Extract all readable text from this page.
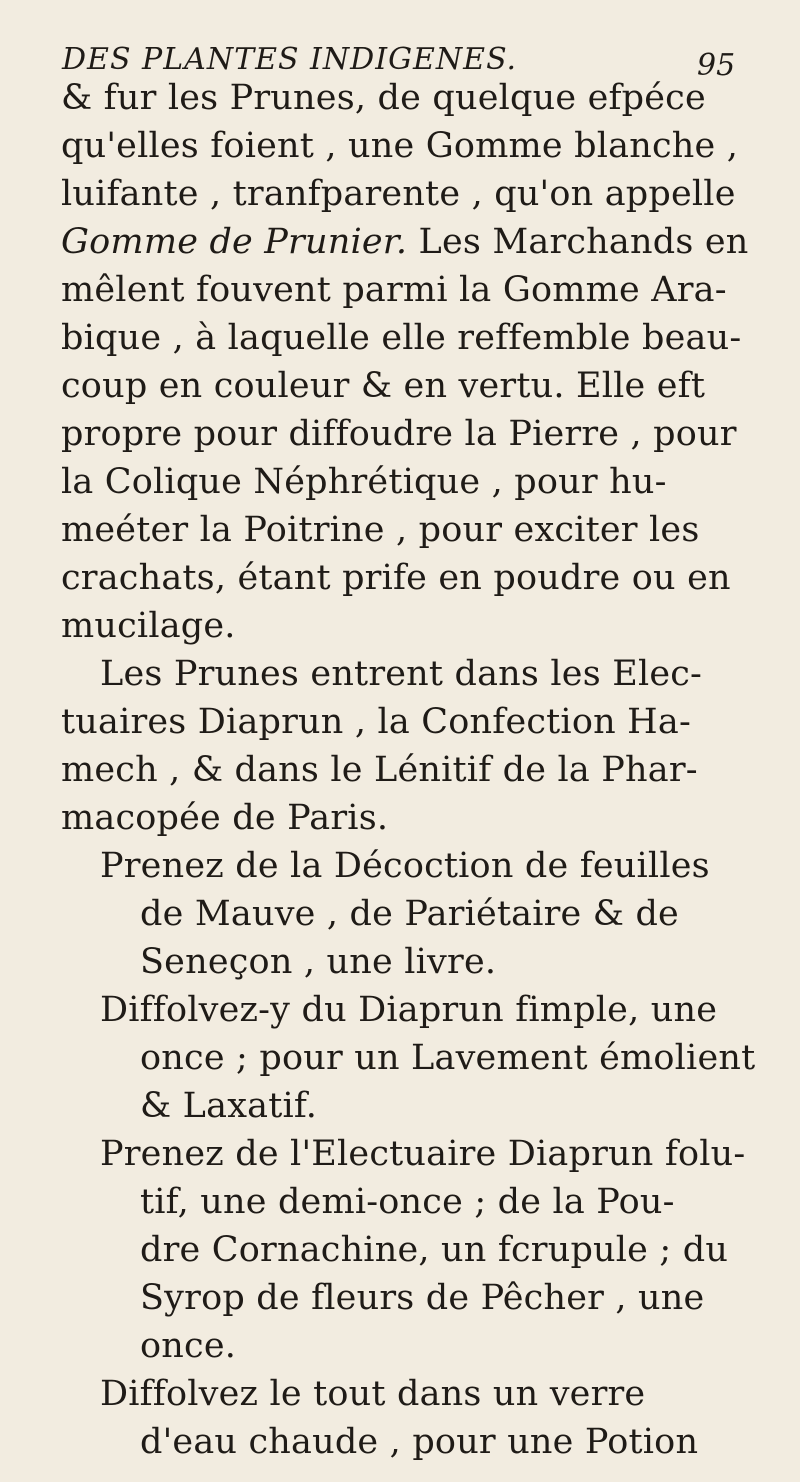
DES PLANTES INDIGENES.	95
& fur les Prunes, de quelque efpéce
qu'elles foient , une Gomme blanche ,
luifante , tranfparente , qu'on appelle
Gomme de Prunier. Les Marchands en
mêlent fouvent parmi la Gomme Ara-
bique , à laquelle elle reffemble beau-
coup en couleur & en vertu. Elle eft
propre pour diffoudre la Pierre , pour
la Colique Néphrétique , pour hu-
meéter la Poitrine , pour exciter les
crachats, étant prife en poudre ou en
mucilage.
Les Prunes entrent dans les Elec-
tuaires Diaprun , la Confection Ha-
mech , & dans le Lénitif de la Phar-
macopée de Paris.
Prenez de la Décoction de feuilles
de Mauve , de Pariétaire & de
Seneçon , une livre.
Diffolvez-y du Diaprun fimple, une
once ; pour un Lavement émolient
& Laxatif.
Prenez de l'Electuaire Diaprun folu-
tif, une demi-once ; de la Pou-
dre Cornachine, un fcrupule ; du
Syrop de fleurs de Pêcher , une
once.
Diffolvez le tout dans un verre
d'eau chaude , pour une Potion
